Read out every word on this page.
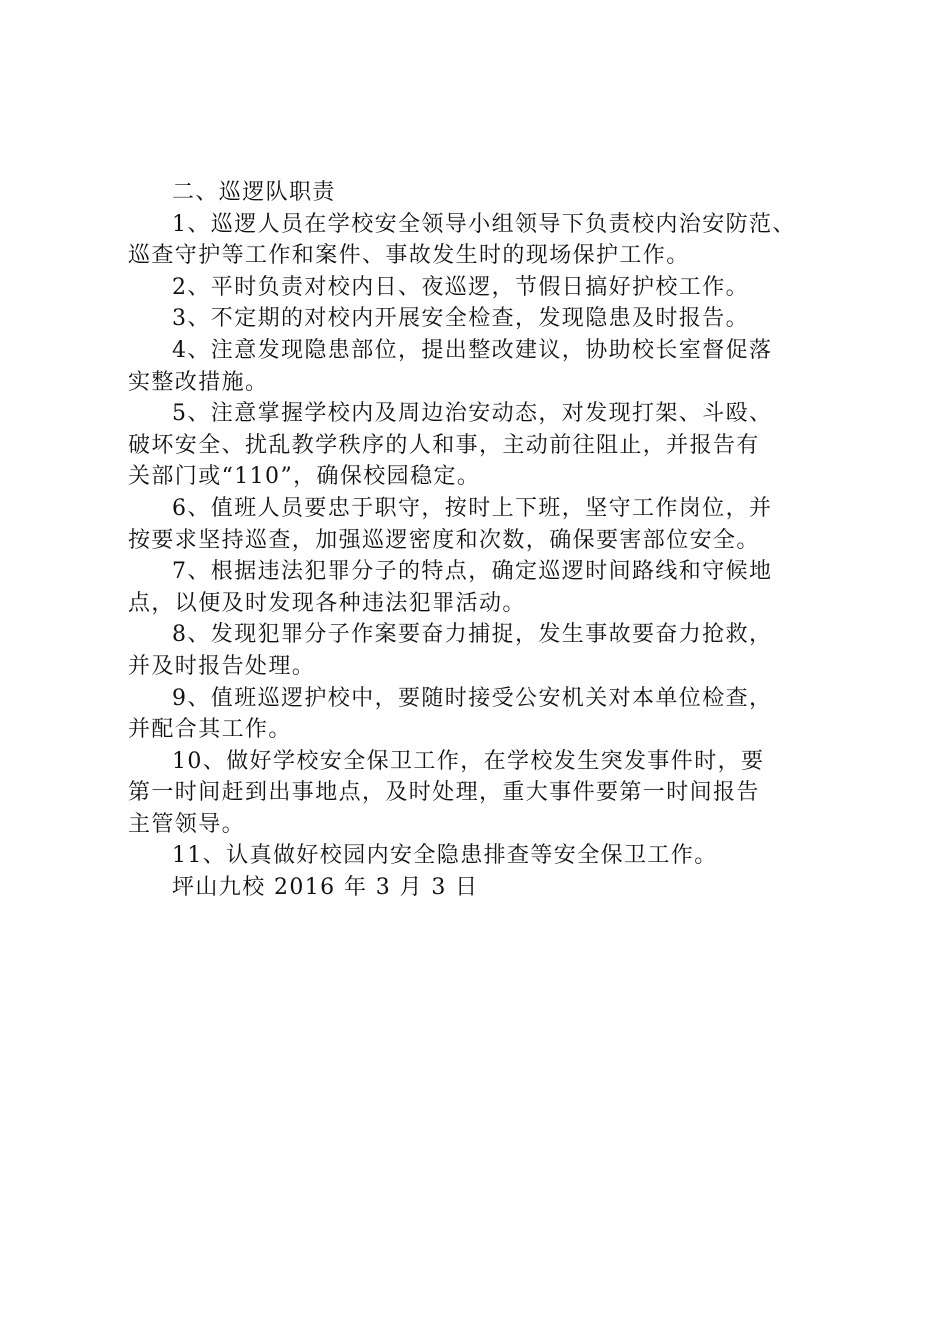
二、巡逻队职责

1、巡逻人员在学校安全领导小组领导下负责校内治安防范、

巡查守护等工作和案件、事故发生时的现场保护工作。

2、平时负责对校内日、夜巡逻，节假日搞好护校工作。

3、不定期的对校内开展安全检查，发现隐患及时报告。

4、注意发现隐患部位，提出整改建议，协助校长室督促落

实整改措施。

5、注意掌握学校内及周边治安动态，对发现打架、斗殴、

破坏安全、扰乱教学秩序的人和事，主动前往阻止，并报告有

关部门或“110”，确保校园稳定。

6、值班人员要忠于职守，按时上下班，坚守工作岗位，并

按要求坚持巡查，加强巡逻密度和次数，确保要害部位安全。

7、根据违法犯罪分子的特点，确定巡逻时间路线和守候地

点，以便及时发现各种违法犯罪活动。

8、发现犯罪分子作案要奋力捕捉，发生事故要奋力抢救，

并及时报告处理。

9、值班巡逻护校中，要随时接受公安机关对本单位检查，

并配合其工作。

10、做好学校安全保卫工作，在学校发生突发事件时，要

第一时间赶到出事地点，及时处理，重大事件要第一时间报告

主管领导。

11、认真做好校园内安全隐患排查等安全保卫工作。

坪山九校 2016 年 3 月 3 日
